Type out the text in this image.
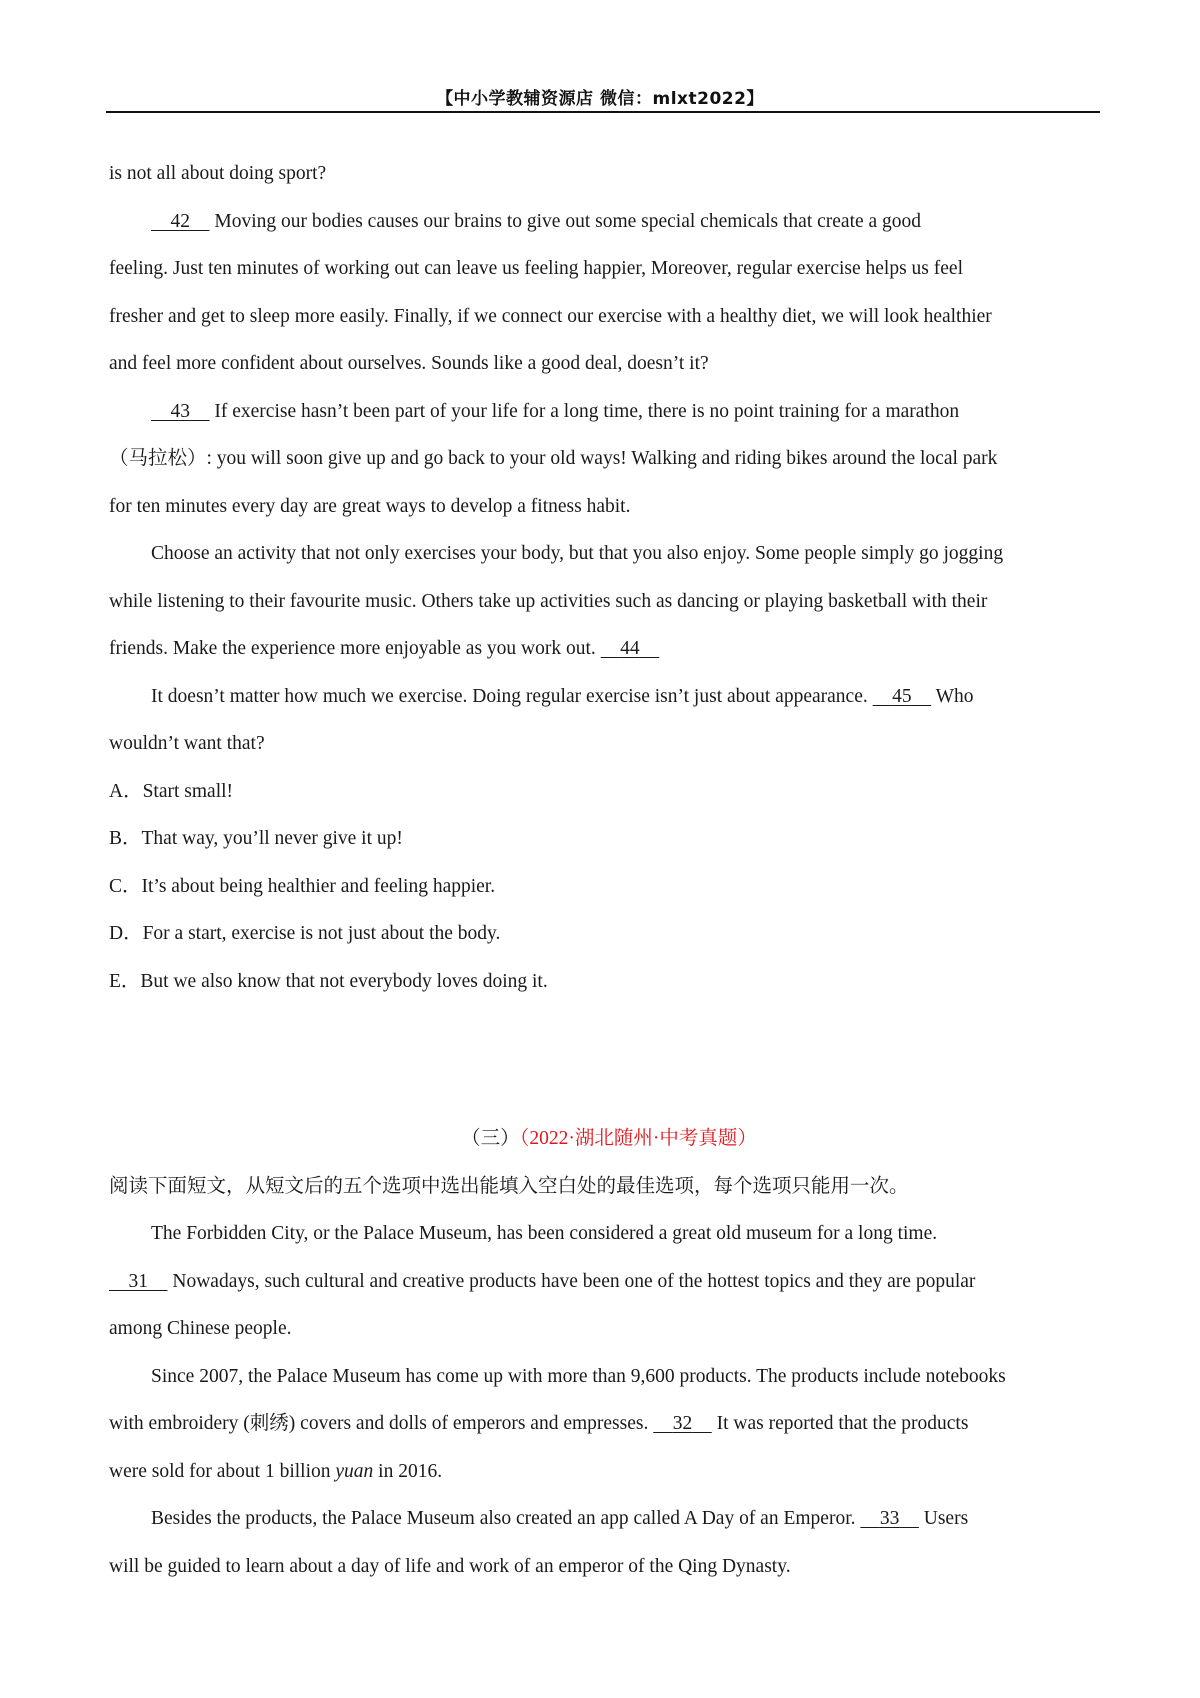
【中小学教辅资源店 微信：mlxt2022】
is not all about doing sport?
42     Moving our bodies causes our brains to give out some special chemicals that create a good
feeling. Just ten minutes of working out can leave us feeling happier, Moreover, regular exercise helps us feel
fresher and get to sleep more easily. Finally, if we connect our exercise with a healthy diet, we will look healthier
and feel more confident about ourselves. Sounds like a good deal, doesn’t it?
43     If exercise hasn’t been part of your life for a long time, there is no point training for a marathon
（马拉松）: you will soon give up and go back to your old ways! Walking and riding bikes around the local park
for ten minutes every day are great ways to develop a fitness habit.
Choose an activity that not only exercises your body, but that you also enjoy. Some people simply go jogging
while listening to their favourite music. Others take up activities such as dancing or playing basketball with their
friends. Make the experience more enjoyable as you work out.     44
It doesn’t matter how much we exercise. Doing regular exercise isn’t just about appearance.     45     Who
wouldn’t want that?
A．Start small!
B．That way, you’ll never give it up!
C．It’s about being healthier and feeling happier.
D．For a start, exercise is not just about the body.
E．But we also know that not everybody loves doing it.
（三）（2022·湖北随州·中考真题）
阅读下面短文，从短文后的五个选项中选出能填入空白处的最佳选项，每个选项只能用一次。
The Forbidden City, or the Palace Museum, has been considered a great old museum for a long time.
31     Nowadays, such cultural and creative products have been one of the hottest topics and they are popular
among Chinese people.
Since 2007, the Palace Museum has come up with more than 9,600 products. The products include notebooks
with embroidery (刺绣) covers and dolls of emperors and empresses.     32     It was reported that the products
were sold for about 1 billion yuan in 2016.
Besides the products, the Palace Museum also created an app called A Day of an Emperor.     33     Users
will be guided to learn about a day of life and work of an emperor of the Qing Dynasty.
